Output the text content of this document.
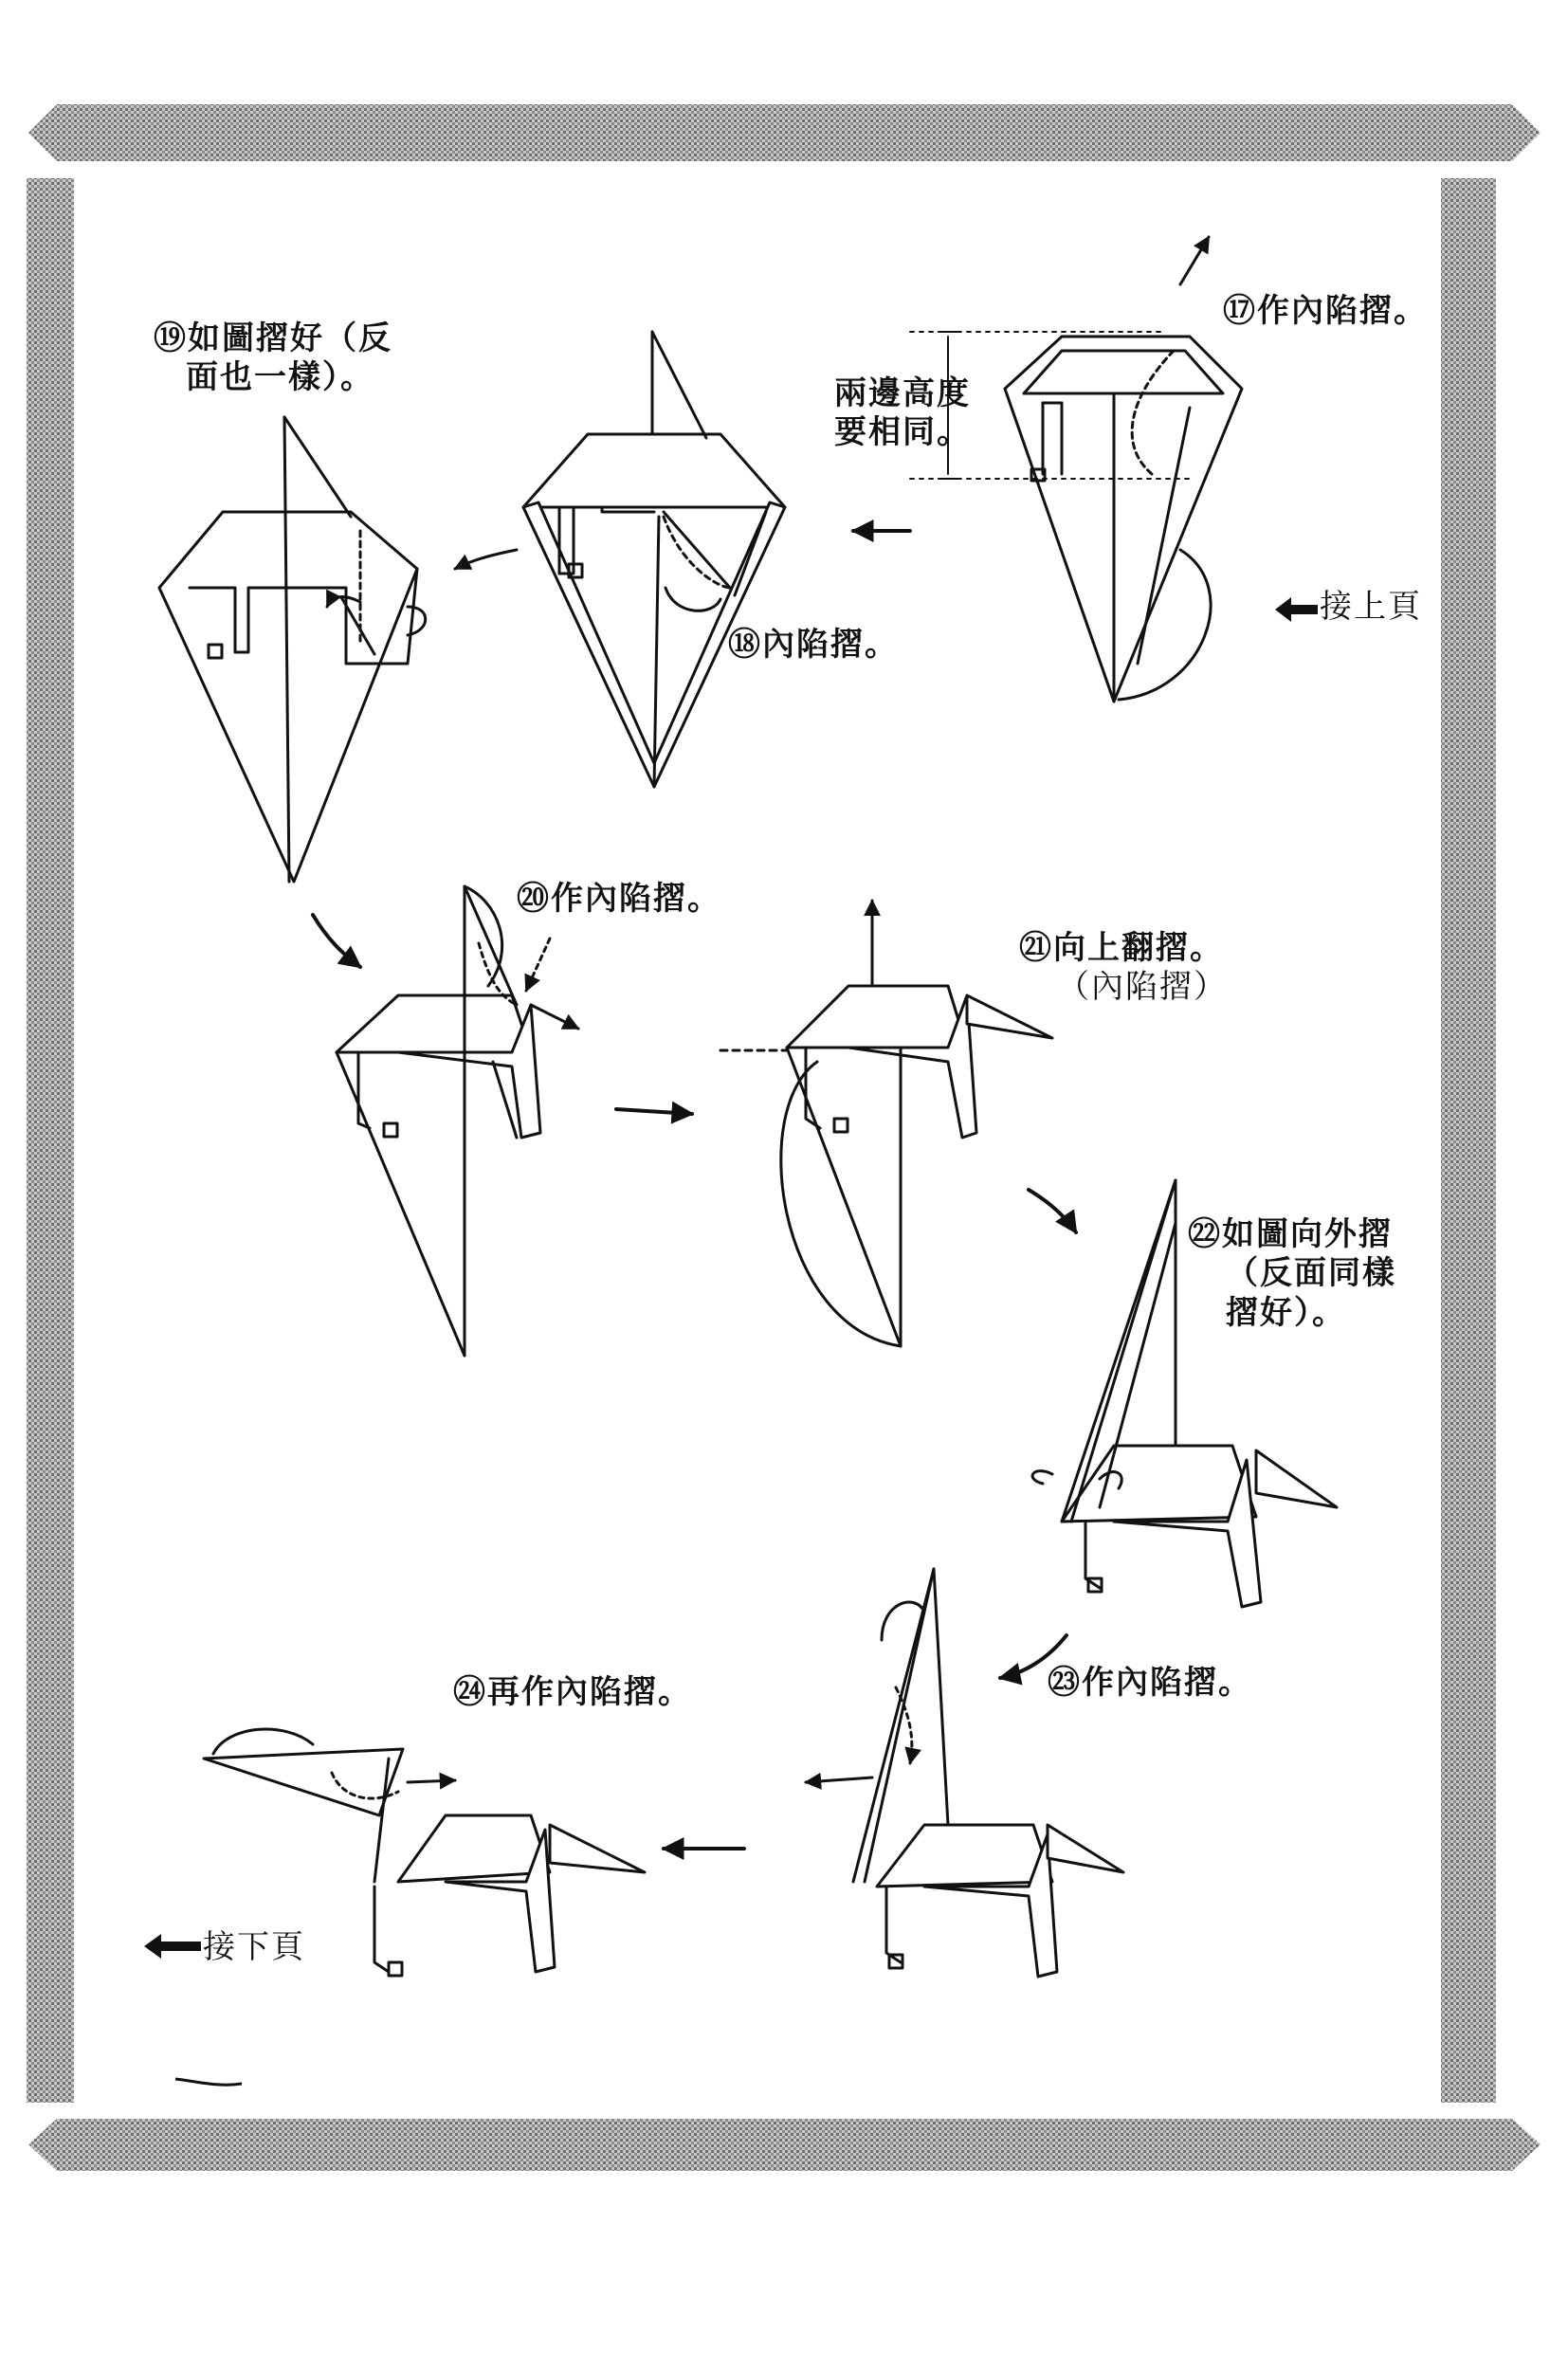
⑰作內陷摺。
兩邊高度
要相同。
⑱內陷摺。
⑲如圖摺好（反
面也一樣）。
⑳作內陷摺。
㉑向上翻摺。
（內陷摺）
㉒如圖向外摺
（反面同樣
摺好）。
㉓作內陷摺。
㉔再作內陷摺。
接上頁
接下頁
